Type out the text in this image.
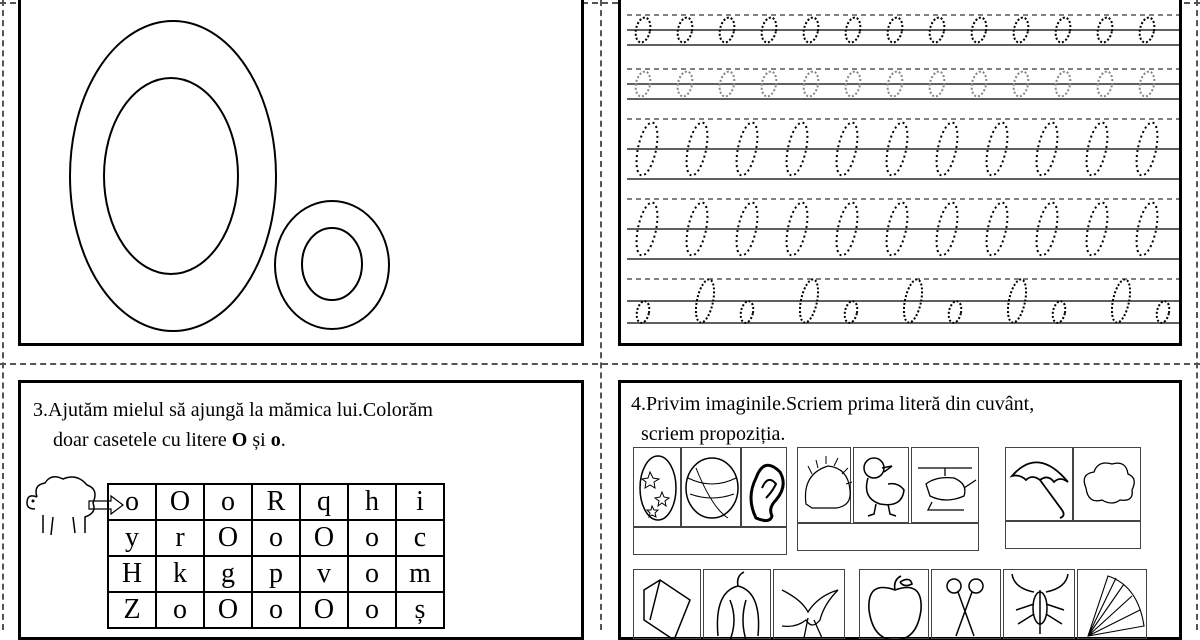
3.Ajutăm mielul să ajungă la mămica lui.Colorăm
doar casetele cu litere O și o.
o	O	o	R	q	h	i
y	r	O	o	O	o	c
H	k	g	p	v	o	m
Z	o	O	o	O	o	ș
4.Privim imaginile.Scriem prima literă din cuvânt,
scriem propoziția.
